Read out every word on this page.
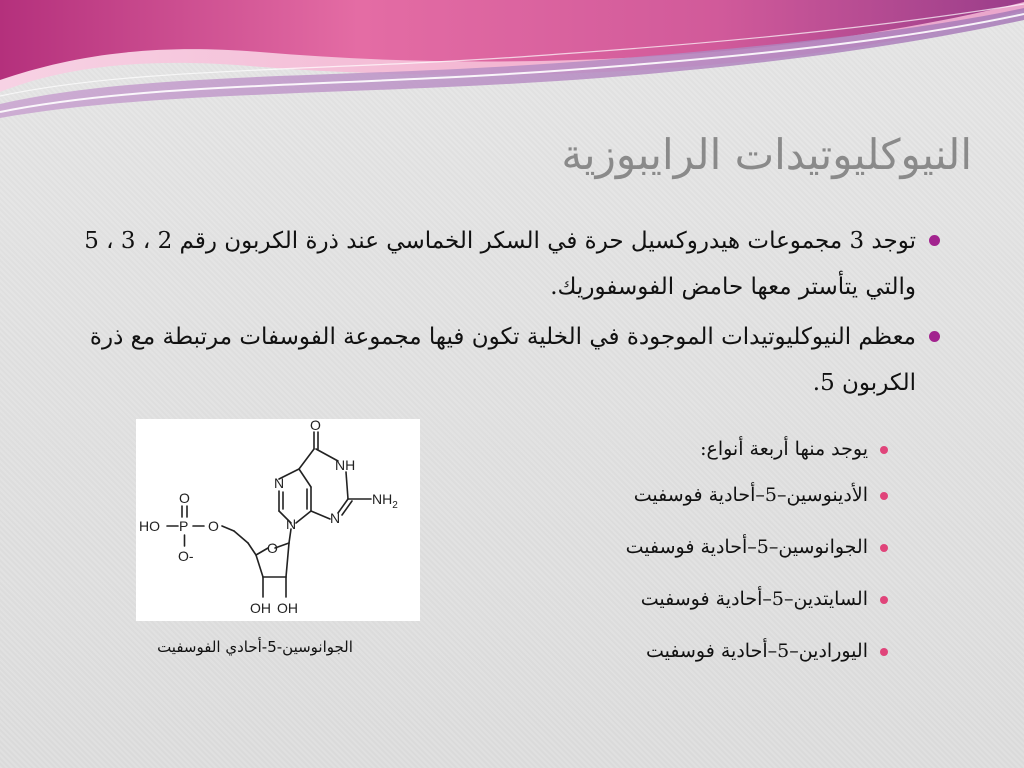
النيوكليوتيدات الرايبوزية
توجد 3 مجموعات هيدروكسيل حرة في السكر الخماسي عند ذرة الكربون رقم 2 ، 3 ، 5 والتي يتأستر معها حامض الفوسفوريك.
معظم النيوكليوتيدات الموجودة في الخلية تكون فيها مجموعة الفوسفات مرتبطة مع ذرة الكربون 5.
يوجد منها أربعة أنواع:
الأدينوسين–5–أحادية فوسفيت
الجوانوسين–5–أحادية فوسفيت
السايتدين–5–أحادية فوسفيت
اليورادين–5–أحادية فوسفيت
HO P
O
O-
O
O
N
N
N
NH
$NH_2$
O
OH OH
الجوانوسين-5-أحادي الفوسفيت
